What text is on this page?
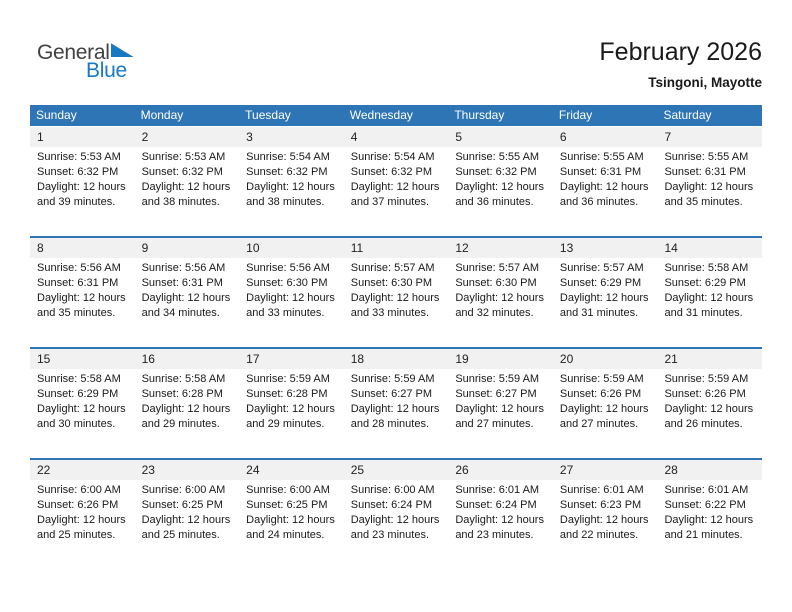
General
Blue
February 2026
Tsingoni, Mayotte
Sunday	Monday	Tuesday	Wednesday	Thursday	Friday	Saturday
1	2	3	4	5	6	7
Sunrise: 5:53 AM
Sunset: 6:32 PM
Daylight: 12 hours
and 39 minutes.
Sunrise: 5:53 AM
Sunset: 6:32 PM
Daylight: 12 hours
and 38 minutes.
Sunrise: 5:54 AM
Sunset: 6:32 PM
Daylight: 12 hours
and 38 minutes.
Sunrise: 5:54 AM
Sunset: 6:32 PM
Daylight: 12 hours
and 37 minutes.
Sunrise: 5:55 AM
Sunset: 6:32 PM
Daylight: 12 hours
and 36 minutes.
Sunrise: 5:55 AM
Sunset: 6:31 PM
Daylight: 12 hours
and 36 minutes.
Sunrise: 5:55 AM
Sunset: 6:31 PM
Daylight: 12 hours
and 35 minutes.
8	9	10	11	12	13	14
Sunrise: 5:56 AM
Sunset: 6:31 PM
Daylight: 12 hours
and 35 minutes.
Sunrise: 5:56 AM
Sunset: 6:31 PM
Daylight: 12 hours
and 34 minutes.
Sunrise: 5:56 AM
Sunset: 6:30 PM
Daylight: 12 hours
and 33 minutes.
Sunrise: 5:57 AM
Sunset: 6:30 PM
Daylight: 12 hours
and 33 minutes.
Sunrise: 5:57 AM
Sunset: 6:30 PM
Daylight: 12 hours
and 32 minutes.
Sunrise: 5:57 AM
Sunset: 6:29 PM
Daylight: 12 hours
and 31 minutes.
Sunrise: 5:58 AM
Sunset: 6:29 PM
Daylight: 12 hours
and 31 minutes.
15	16	17	18	19	20	21
Sunrise: 5:58 AM
Sunset: 6:29 PM
Daylight: 12 hours
and 30 minutes.
Sunrise: 5:58 AM
Sunset: 6:28 PM
Daylight: 12 hours
and 29 minutes.
Sunrise: 5:59 AM
Sunset: 6:28 PM
Daylight: 12 hours
and 29 minutes.
Sunrise: 5:59 AM
Sunset: 6:27 PM
Daylight: 12 hours
and 28 minutes.
Sunrise: 5:59 AM
Sunset: 6:27 PM
Daylight: 12 hours
and 27 minutes.
Sunrise: 5:59 AM
Sunset: 6:26 PM
Daylight: 12 hours
and 27 minutes.
Sunrise: 5:59 AM
Sunset: 6:26 PM
Daylight: 12 hours
and 26 minutes.
22	23	24	25	26	27	28
Sunrise: 6:00 AM
Sunset: 6:26 PM
Daylight: 12 hours
and 25 minutes.
Sunrise: 6:00 AM
Sunset: 6:25 PM
Daylight: 12 hours
and 25 minutes.
Sunrise: 6:00 AM
Sunset: 6:25 PM
Daylight: 12 hours
and 24 minutes.
Sunrise: 6:00 AM
Sunset: 6:24 PM
Daylight: 12 hours
and 23 minutes.
Sunrise: 6:01 AM
Sunset: 6:24 PM
Daylight: 12 hours
and 23 minutes.
Sunrise: 6:01 AM
Sunset: 6:23 PM
Daylight: 12 hours
and 22 minutes.
Sunrise: 6:01 AM
Sunset: 6:22 PM
Daylight: 12 hours
and 21 minutes.
